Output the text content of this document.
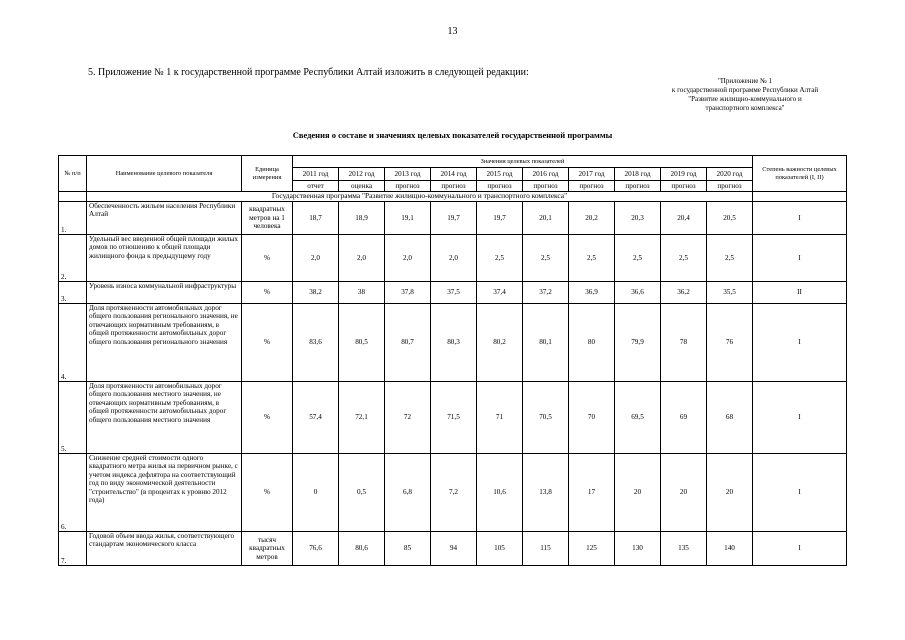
13
5. Приложение № 1 к государственной программе Республики Алтай изложить в следующей редакции:
"Приложение № 1
к государственной программе Республики Алтай
"Развитие жилищно-коммунального и
транспортного комплекса"
Сведения о составе и значениях целевых показателей государственной программы
№ п/п	Наименование целевого показателя	Единица измерения	Значения целевых показателей										Степень важности целевых показателей (I, II)
			2011 год	2012 год	2013 год	2014 год	2015 год	2016 год	2017 год	2018 год	2019 год	2020 год	
			отчет	оценка	прогноз	прогноз	прогноз	прогноз	прогноз	прогноз	прогноз	прогноз	
	Государственная программа "Развитие жилищно-коммунального и транспортного комплекса"												

1.	Обеспеченность жильем населения Республики Алтай	квадратных метров на 1 человека	18,7	18,9	19,1	19,7	19,7	20,1	20,2	20,3	20,4	20,5	I

2.	Удельный вес введенной общей площади жилых домов по отношению к общей площади жилищного фонда к предыдущему году	%	2,0	2,0	2,0	2,0	2,5	2,5	2,5	2,5	2,5	2,5	I

3.	Уровень износа коммунальной инфраструктуры	%	38,2	38	37,8	37,5	37,4	37,2	36,9	36,6	36,2	35,5	II

4.	Доля протяженности автомобильных дорог общего пользования регионального значения, не отвечающих нормативным требованиям, в общей протяженности автомобильных дорог общего пользования регионального значения	%	83,6	80,5	80,7	80,3	80,2	80,1	80	79,9	78	76	I

5.	Доля протяженности автомобильных дорог общего пользования местного значения, не отвечающих нормативным требованиям, в общей протяженности автомобильных дорог общего пользования местного значения	%	57,4	72,1	72	71,5	71	70,5	70	69,5	69	68	I

6.	Снижение средней стоимости одного квадратного метра жилья на первичном рынке, с учетом индекса дефлятора на соответствующий год по виду экономической деятельности "строительство" (в процентах к уровню 2012 года)	%	0	0,5	6,8	7,2	10,6	13,8	17	20	20	20	I

7.	Годовой объем ввода жилья, соответствующего стандартам экономического класса	тысяч квадратных метров	76,6	80,6	85	94	105	115	125	130	135	140	I
